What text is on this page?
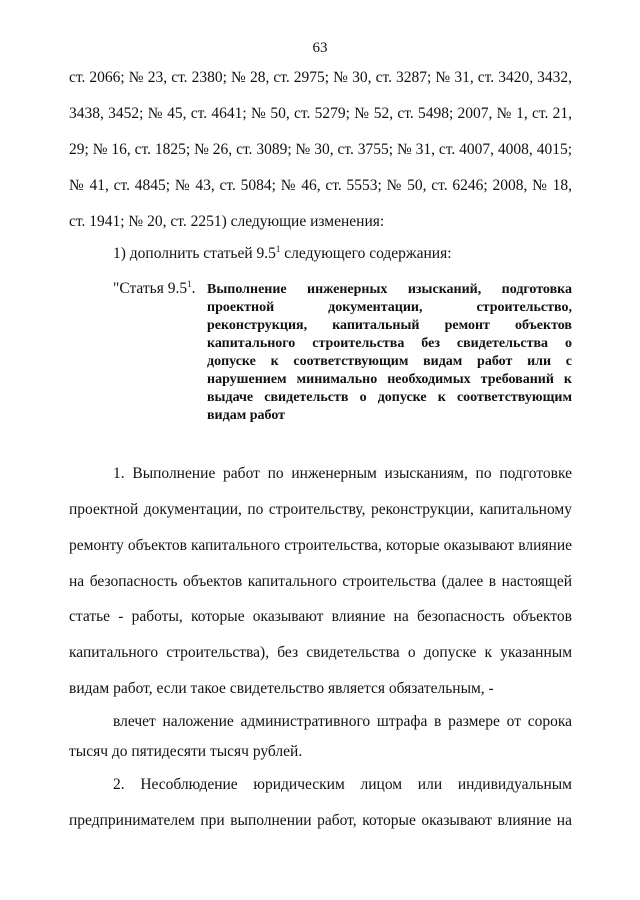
63
ст. 2066; № 23, ст. 2380; № 28, ст. 2975; № 30, ст. 3287; № 31, ст. 3420, 3432,
3438, 3452; № 45, ст. 4641; № 50, ст. 5279; № 52, ст. 5498; 2007, № 1, ст. 21,
29; № 16, ст. 1825; № 26, ст. 3089; № 30, ст. 3755; № 31, ст. 4007, 4008, 4015;
№ 41, ст. 4845; № 43, ст. 5084; № 46, ст. 5553; № 50, ст. 6246; 2008, № 18,
ст. 1941; № 20, ст. 2251) следующие изменения:
1) дополнить статьей $9.5^1$ следующего содержания:
"Статья $9.5^1$. Выполнение инженерных изысканий, подготовка
проектной документации, строительство,
реконструкция, капитальный ремонт объектов
капитального строительства без свидетельства о
допуске к соответствующим видам работ или с
нарушением минимально необходимых требований к
выдаче свидетельств о допуске к соответствующим
видам работ
1. Выполнение работ по инженерным изысканиям, по подготовке
проектной документации, по строительству, реконструкции, капитальному
ремонту объектов капитального строительства, которые оказывают влияние
на безопасность объектов капитального строительства (далее в настоящей
статье - работы, которые оказывают влияние на безопасность объектов
капитального строительства), без свидетельства о допуске к указанным
видам работ, если такое свидетельство является обязательным, -
влечет наложение административного штрафа в размере от сорока
тысяч до пятидесяти тысяч рублей.
2. Несоблюдение юридическим лицом или индивидуальным
предпринимателем при выполнении работ, которые оказывают влияние на
